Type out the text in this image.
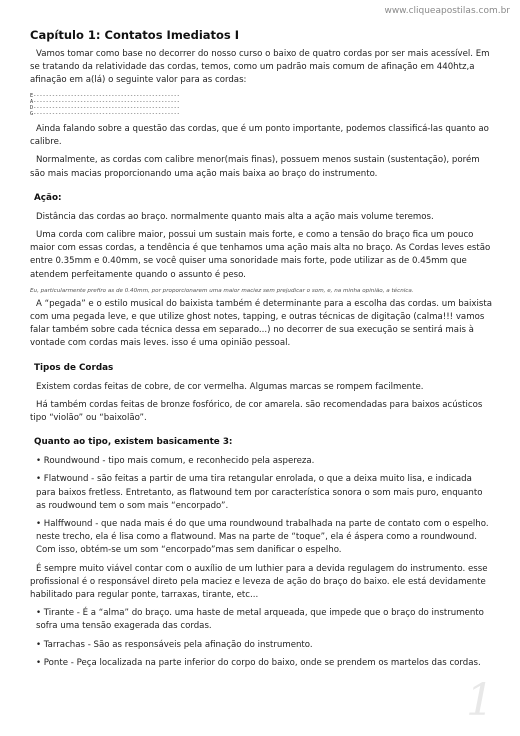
www.cliqueapostilas.com.br
Capítulo 1: Contatos Imediatos I

Vamos tomar como base no decorrer do nosso curso o baixo de quatro cordas por ser mais acessível. Em se tratando da relatividade das cordas, temos, como um padrão mais comum de afinação em 440htz,a afinação em a(lá) o seguinte valor para as cordas:

E-----------------------------------------------
A-----------------------------------------------
D-----------------------------------------------
G-----------------------------------------------

Ainda falando sobre a questão das cordas, que é um ponto importante, podemos classificá-las quanto ao calibre.

Normalmente, as cordas com calibre menor(mais finas), possuem menos sustain (sustentação), porém são mais macias proporcionando uma ação mais baixa ao braço do instrumento.

Ação:

Distância das cordas ao braço. normalmente quanto mais alta a ação mais volume teremos.

Uma corda com calibre maior, possui um sustain mais forte, e como a tensão do braço fica um pouco maior com essas cordas, a tendência é que tenhamos uma ação mais alta no braço. As Cordas leves estão entre 0.35mm e 0.40mm, se você quiser uma sonoridade mais forte, pode utilizar as de 0.45mm que atendem perfeitamente quando o assunto é peso.

Eu, particularmente prefiro as de 0.40mm, por proporcionarem uma maior maciez sem prejudicar o som, e, na minha opinião, a técnica.

A “pegada” e o estilo musical do baixista também é determinante para a escolha das cordas. um baixista com uma pegada leve, e que utilize ghost notes, tapping, e outras técnicas de digitação (calma!!! vamos falar também sobre cada técnica dessa em separado...) no decorrer de sua execução se sentirá mais à vontade com cordas mais leves. isso é uma opinião pessoal.

Tipos de Cordas

Existem cordas feitas de cobre, de cor vermelha. Algumas marcas se rompem facilmente.

Há também cordas feitas de bronze fosfórico, de cor amarela. são recomendadas para baixos acústicos tipo “violão” ou “baixolão”.

Quanto ao tipo, existem basicamente 3:

• Roundwound - tipo mais comum, e reconhecido pela aspereza.

• Flatwound - são feitas a partir de uma tira retangular enrolada, o que a deixa muito lisa, e indicada para baixos fretless. Entretanto, as flatwound tem por característica sonora o som mais puro, enquanto as roudwound tem o som mais “encorpado”.

• Halffwound - que nada mais é do que uma roundwound trabalhada na parte de contato com o espelho. neste trecho, ela é lisa como a flatwound. Mas na parte de “toque”, ela é áspera como a roundwound. Com isso, obtém-se um som “encorpado”mas sem danificar o espelho.

É sempre muito viável contar com o auxílio de um luthier para a devida regulagem do instrumento. esse profissional é o responsável direto pela maciez e leveza de ação do braço do baixo. ele está devidamente habilitado para regular ponte, tarraxas, tirante, etc...

• Tirante - É a “alma” do braço. uma haste de metal arqueada, que impede que o braço do instrumento sofra uma tensão exagerada das cordas.

• Tarrachas - São as responsáveis pela afinação do instrumento.

• Ponte - Peça localizada na parte inferior do corpo do baixo, onde se prendem os martelos das cordas.

1
